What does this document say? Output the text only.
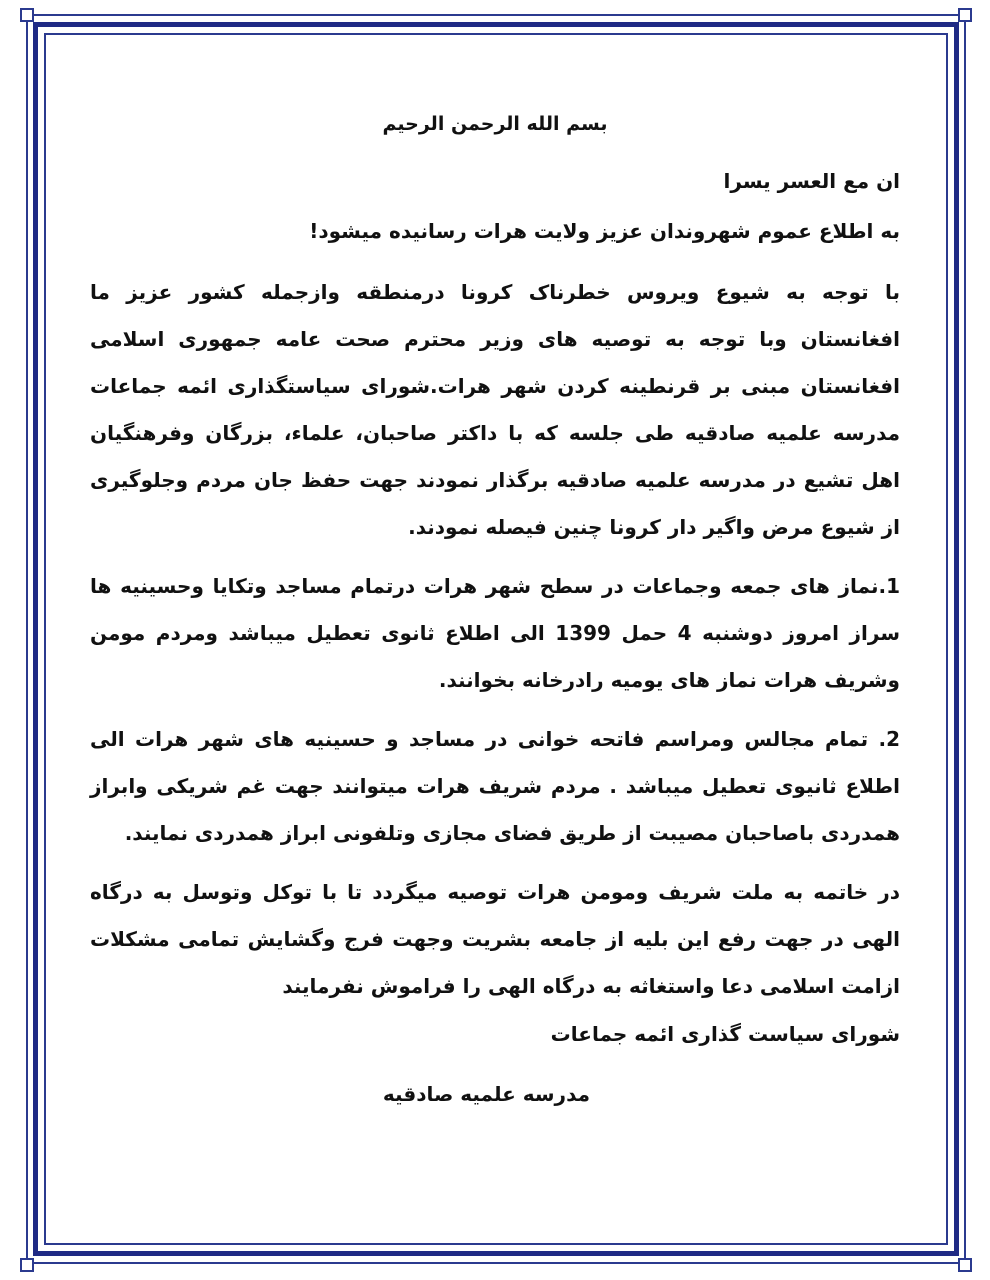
بسم الله الرحمن الرحیم
ان مع العسر یسرا
به اطلاع عموم شهروندان عزیز ولایت هرات رسانیده میشود!

با توجه به شیوع ویروس خطرناک کرونا درمنطقه وازجمله کشور عزیز ما افغانستان وبا توجه به توصیه های وزیر محترم صحت عامه جمهوری اسلامی افغانستان مبنی بر قرنطینه کردن شهر هرات.شورای سیاستگذاری ائمه جماعات مدرسه علمیه صادقیه طی جلسه که با داکتر صاحبان، علماء، بزرگان وفرهنگیان اهل تشیع در مدرسه علمیه صادقیه برگذار نمودند جهت حفظ جان مردم وجلوگیری از شیوع مرض واگیر دار کرونا چنین فیصله نمودند.

1.نماز های جمعه وجماعات در سطح شهر هرات درتمام مساجد وتکایا وحسینیه ها سراز امروز دوشنبه 4 حمل 1399 الی اطلاع ثانوی تعطیل میباشد ومردم مومن وشریف هرات نماز های یومیه رادرخانه بخوانند.

2. تمام مجالس ومراسم فاتحه خوانی در مساجد و حسینیه های شهر هرات الی اطلاع ثانیوی تعطیل میباشد . مردم شریف هرات میتوانند جهت غم شریکی وابراز همدردی باصاحبان مصیبت از طریق فضای مجازی وتلفونی ابراز همدردی نمایند.

در خاتمه به ملت شریف ومومن هرات توصیه میگردد تا با توکل وتوسل به درگاه الهی در جهت رفع این بلیه از جامعه بشریت وجهت فرج وگشایش تمامی مشکلات ازامت اسلامی دعا واستغاثه به درگاه الهی را فراموش نفرمایند

شورای سیاست گذاری ائمه جماعات
مدرسه علمیه صادقیه
